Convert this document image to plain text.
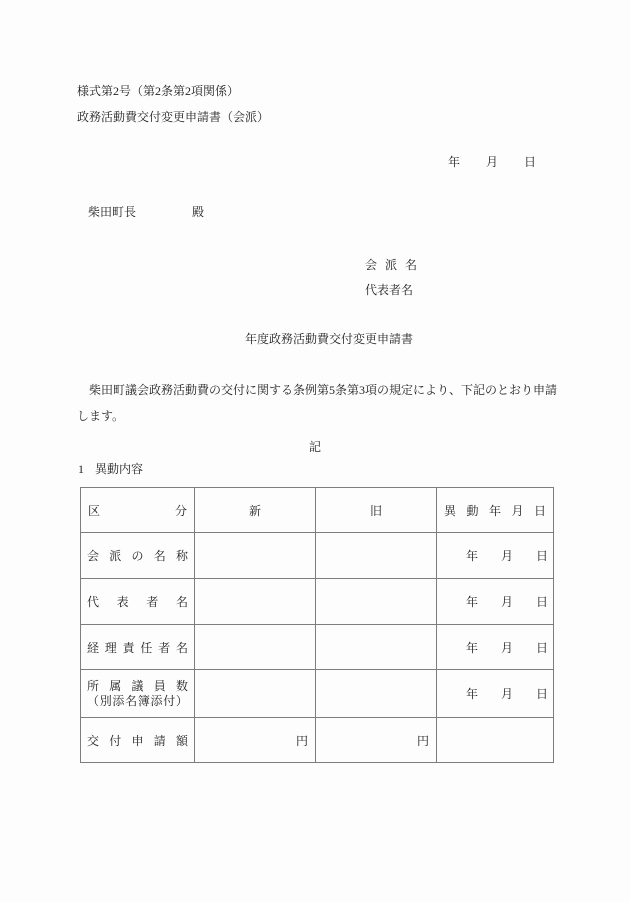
様式第2号（第2条第2項関係）
政務活動費交付変更申請書（会派）
年 月 日
柴田町長	殿
会 派 名
代表者名
年度政務活動費交付変更申請書
柴田町議会政務活動費の交付に関する条例第5条第3項の規定により、下記のとおり申請
します。
記
1 異動内容
区 分	新	旧	異 動 年 月 日

会 派 の 名 称			年 月 日

代 表 者 名			年 月 日

経 理 責 任 者 名			年 月 日

所 属 議 員 数
（ 別 添 名 簿 添 付 ）			年 月 日

交 付 申 請 額	円	円	
